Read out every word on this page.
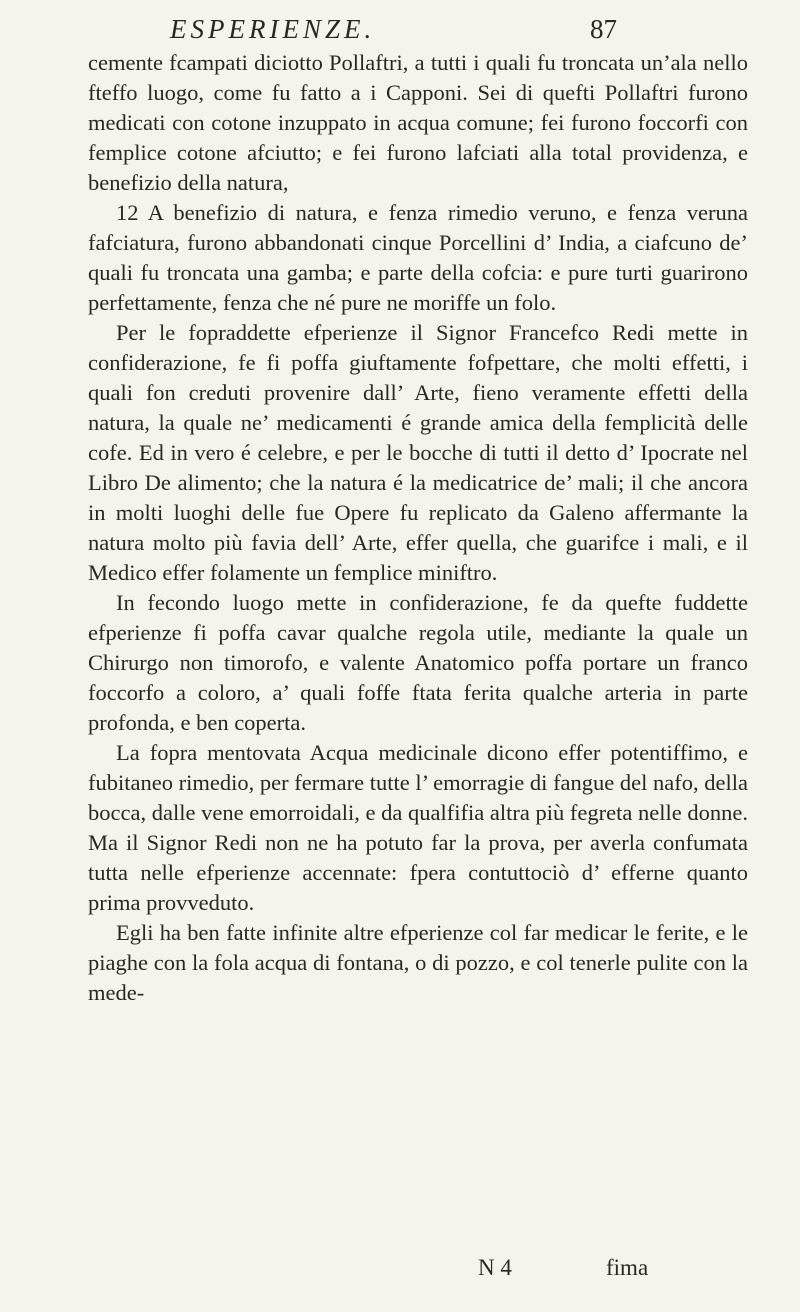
ESPERIENZE.	87

cemente fcampati diciotto Pollaftri, a tutti i quali fu troncata un’ala nello fteffo luogo, come fu fatto a i Capponi. Sei di quefti Pollaftri furono medicati con cotone inzuppato in acqua comune; fei furono foccorfi con femplice cotone afciutto; e fei furono lafciati alla total providenza, e benefizio della natura,

12 A benefizio di natura, e fenza rimedio veruno, e fenza veruna fafciatura, furono abbandonati cinque Porcellini d’ India, a ciafcuno de’ quali fu troncata una gamba; e parte della cofcia: e pure turti guarirono perfettamente, fenza che né pure ne moriffe un folo.

Per le fopraddette efperienze il Signor Francefco Redi mette in confiderazione, fe fi poffa giuftamente fofpettare, che molti effetti, i quali fon creduti provenire dall’ Arte, fieno veramente effetti della natura, la quale ne’ medicamenti é grande amica della femplicità delle cofe. Ed in vero é celebre, e per le bocche di tutti il detto d’ Ipocrate nel Libro De alimento; che la natura é la medicatrice de’ mali; il che ancora in molti luoghi delle fue Opere fu replicato da Galeno affermante la natura molto più favia dell’ Arte, effer quella, che guarifce i mali, e il Medico effer folamente un femplice miniftro.

In fecondo luogo mette in confiderazione, fe da quefte fuddette efperienze fi poffa cavar qualche regola utile, mediante la quale un Chirurgo non timorofo, e valente Anatomico poffa portare un franco foccorfo a coloro, a’ quali foffe ftata ferita qualche arteria in parte profonda, e ben coperta.

La fopra mentovata Acqua medicinale dicono effer potentiffimo, e fubitaneo rimedio, per fermare tutte l’ emorragie di fangue del nafo, della bocca, dalle vene emorroidali, e da qualfifia altra più fegreta nelle donne. Ma il Signor Redi non ne ha potuto far la prova, per averla confumata tutta nelle efperienze accennate: fpera contuttociò d’ efferne quanto prima provveduto.

Egli ha ben fatte infinite altre efperienze col far medicar le ferite, e le piaghe con la fola acqua di fontana, o di pozzo, e col tenerle pulite con la mede-

N 4	fima
